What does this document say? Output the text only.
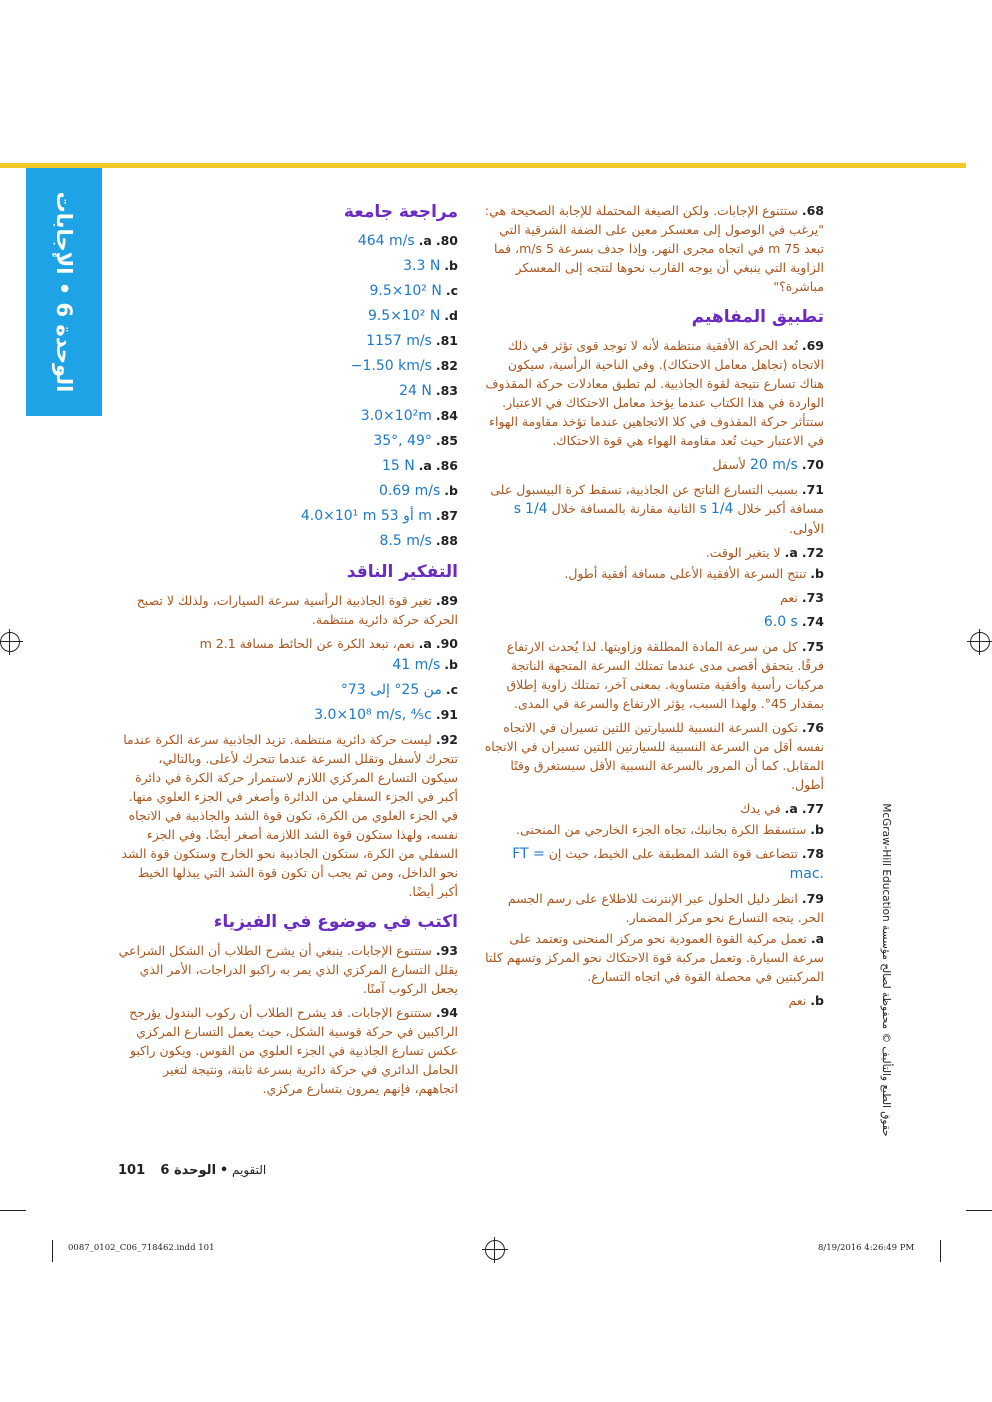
الوحدة 6 • الإجابات
حقوق الطبع والتأليف © محفوظة لصالح مؤسسة McGraw-Hill Education
68. ستتنوع الإجابات. ولكن الصيغة المحتملة للإجابة الصحيحة هي: "يرغب في الوصول إلى معسكر معين على الضفة الشرقية التي تبعد 75 m في اتجاه مجرى النهر. وإذا جدف بسرعة 5 m/s، فما الزاوية التي ينبغي أن يوجه القارب نحوها لتتجه إلى المعسكر مباشرة؟"
تطبيق المفاهيم
69. تُعد الحركة الأفقية منتظمة لأنه لا توجد قوى تؤثر في ذلك الاتجاه (تجاهل معامل الاحتكاك). وفي الناحية الرأسية، سيكون هناك تسارع نتيجة لقوة الجاذبية. لم تطبق معادلات حركة المقذوف الواردة في هذا الكتاب عندما يؤخذ معامل الاحتكاك في الاعتبار. ستتأثر حركة المقذوف في كلا الاتجاهين عندما تؤخذ مقاومة الهواء في الاعتبار حيث تُعد مقاومة الهواء هي قوة الاحتكاك.
70. 20 m/s لأسفل
71. بسبب التسارع الناتج عن الجاذبية، تسقط كرة البيسبول على مسافة أكبر خلال 1/4 s الثانية مقارنة بالمسافة خلال 1/4 s الأولى.
72. a. لا يتغير الوقت.
b. تنتج السرعة الأفقية الأعلى مسافة أفقية أطول.
73. نعم
74. 6.0 s
75. كل من سرعة المادة المطلقة وزاويتها. لذا يُحدث الارتفاع فرقًا. يتحقق أقصى مدى عندما تمتلك السرعة المتجهة الناتجة مركبات رأسية وأفقية متساوية. بمعنى آخر، تمتلك زاوية إطلاق بمقدار 45°. ولهذا السبب، يؤثر الارتفاع والسرعة في المدى.
76. تكون السرعة النسبية للسيارتين اللتين تسيران في الاتجاه نفسه أقل من السرعة النسبية للسيارتين اللتين تسيران في الاتجاه المقابل. كما أن المرور بالسرعة النسبية الأقل سيستغرق وقتًا أطول.
77. a. في يدك
b. ستسقط الكرة بجانبك، تجاه الجزء الخارجي من المنحنى.
78. تتضاعف قوة الشد المطبقة على الخيط، حيث إن FT = mac.
79. انظر دليل الحلول عبر الإنترنت للاطلاع على رسم الجسم الحر. يتجه التسارع نحو مركز المضمار.
a. تعمل مركبة القوة العمودية نحو مركز المنحنى وتعتمد على سرعة السيارة. وتعمل مركبة قوة الاحتكاك نحو المركز وتسهم كلتا المركبتين في محصلة القوة في اتجاه التسارع.
b. نعم
مراجعة جامعة
80. a. 464 m/s
b. 3.3 N
c. 9.5×10² N
d. 9.5×10² N
81. 1157 m/s
82. −1.50 km/s
83. 24 N
84. 3.0×10²m
85. 35°, 49°
86. a. 15 N
b. 0.69 m/s
87. 4.0×10¹ m أو 53 m
88. 8.5 m/s
التفكير الناقد
89. تغير قوة الجاذبية الرأسية سرعة السيارات، ولذلك لا تصبح الحركة حركة دائرية منتظمة.
90. a. نعم، تبعد الكرة عن الحائط مسافة 2.1 m
b. 41 m/s
c. من 25° إلى 73°
91. 3.0×10⁸ m/s, ⁴⁄₅c
92. ليست حركة دائرية منتظمة. تزيد الجاذبية سرعة الكرة عندما تتحرك لأسفل وتقلل السرعة عندما تتحرك لأعلى. وبالتالي، سيكون التسارع المركزي اللازم لاستمرار حركة الكرة في دائرة أكبر في الجزء السفلي من الدائرة وأصغر في الجزء العلوي منها. في الجزء العلوي من الكرة، تكون قوة الشد والجاذبية في الاتجاه نفسه، ولهذا ستكون قوة الشد اللازمة أصغر أيضًا. وفي الجزء السفلي من الكرة، ستكون الجاذبية نحو الخارج وستكون قوة الشد نحو الداخل، ومن ثم يجب أن تكون قوة الشد التي يبذلها الخيط أكبر أيضًا.
اكتب في موضوع في الفيزياء
93. ستتنوع الإجابات. ينبغي أن يشرح الطلاب أن الشكل الشراعي يقلل التسارع المركزي الذي يمر به راكبو الدراجات، الأمر الذي يجعل الركوب آمنًا.
94. ستتنوع الإجابات. قد يشرح الطلاب أن ركوب البندول يؤرجح الراكبين في حركة قوسية الشكل، حيث يعمل التسارع المركزي عكس تسارع الجاذبية في الجزء العلوي من القوس. ويكون راكبو الحامل الدائري في حركة دائرية بسرعة ثابتة، ونتيجة لتغير اتجاههم، فإنهم يمرون بتسارع مركزي.
101	التقويم • الوحدة 6
0087_0102_C06_718462.indd 101	8/19/2016 4:26:49 PM
